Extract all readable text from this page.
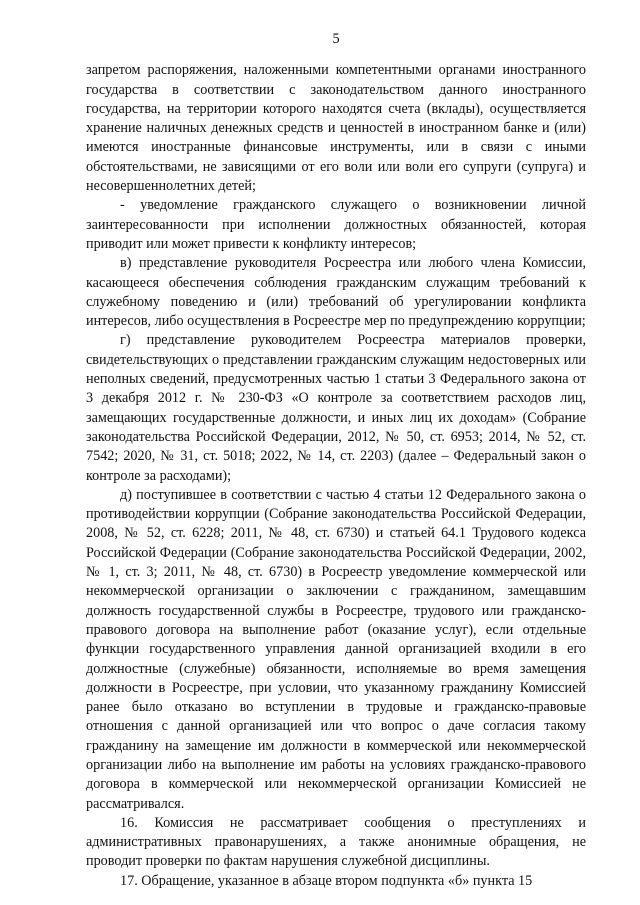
5

запретом распоряжения, наложенными компетентными органами иностранного государства в соответствии с законодательством данного иностранного государства, на территории которого находятся счета (вклады), осуществляется хранение наличных денежных средств и ценностей в иностранном банке и (или) имеются иностранные финансовые инструменты, или в связи с иными обстоятельствами, не зависящими от его воли или воли его супруги (супруга) и несовершеннолетних детей;

- уведомление гражданского служащего о возникновении личной заинтересованности при исполнении должностных обязанностей, которая приводит или может привести к конфликту интересов;

в) представление руководителя Росреестра или любого члена Комиссии, касающееся обеспечения соблюдения гражданским служащим требований к служебному поведению и (или) требований об урегулировании конфликта интересов, либо осуществления в Росреестре мер по предупреждению коррупции;

г) представление руководителем Росреестра материалов проверки, свидетельствующих о представлении гражданским служащим недостоверных или неполных сведений, предусмотренных частью 1 статьи 3 Федерального закона от 3 декабря 2012 г. № 230-ФЗ «О контроле за соответствием расходов лиц, замещающих государственные должности, и иных лиц их доходам» (Собрание законодательства Российской Федерации, 2012, № 50, ст. 6953; 2014, № 52, ст. 7542; 2020, № 31, ст. 5018; 2022, № 14, ст. 2203) (далее – Федеральный закон о контроле за расходами);

д) поступившее в соответствии с частью 4 статьи 12 Федерального закона о противодействии коррупции (Собрание законодательства Российской Федерации, 2008, № 52, ст. 6228; 2011, № 48, ст. 6730) и статьей 64.1 Трудового кодекса Российской Федерации (Собрание законодательства Российской Федерации, 2002, № 1, ст. 3; 2011, № 48, ст. 6730) в Росреестр уведомление коммерческой или некоммерческой организации о заключении с гражданином, замещавшим должность государственной службы в Росреестре, трудового или гражданско-правового договора на выполнение работ (оказание услуг), если отдельные функции государственного управления данной организацией входили в его должностные (служебные) обязанности, исполняемые во время замещения должности в Росреестре, при условии, что указанному гражданину Комиссией ранее было отказано во вступлении в трудовые и гражданско-правовые отношения с данной организацией или что вопрос о даче согласия такому гражданину на замещение им должности в коммерческой или некоммерческой организации либо на выполнение им работы на условиях гражданско-правового договора в коммерческой или некоммерческой организации Комиссией не рассматривался.

16. Комиссия не рассматривает сообщения о преступлениях и административных правонарушениях, а также анонимные обращения, не проводит проверки по фактам нарушения служебной дисциплины.

17. Обращение, указанное в абзаце втором подпункта «б» пункта 15
